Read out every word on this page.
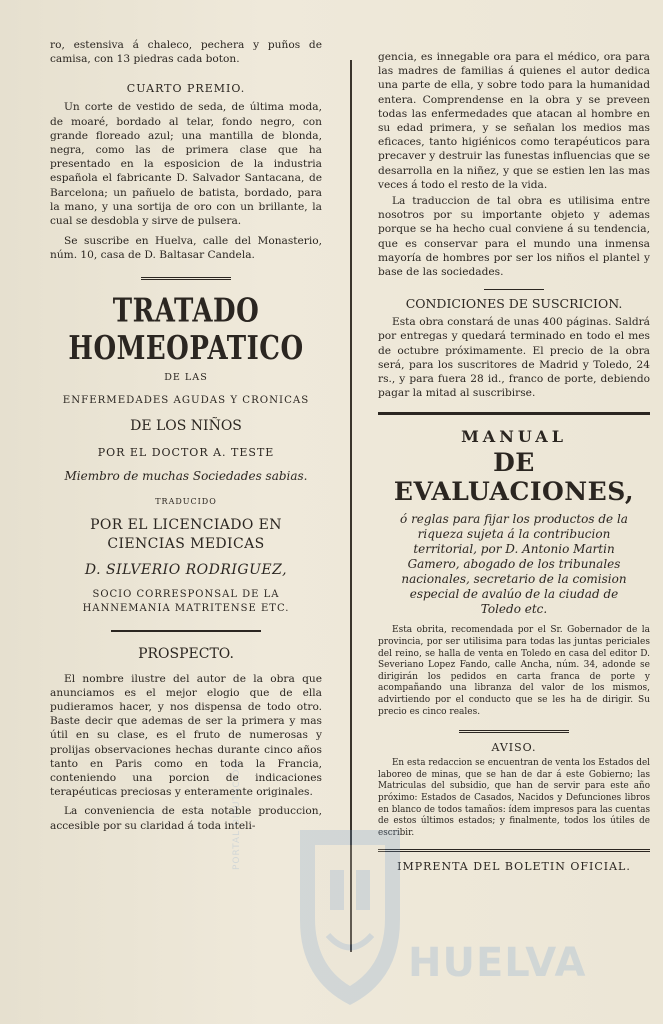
ro, estensiva á chaleco, pechera y puños de camisa, con 13 piedras cada boton.

CUARTO PREMIO.

Un corte de vestido de seda, de última moda, de moaré, bordado al telar, fondo negro, con grande floreado azul; una mantilla de blonda, negra, como las de primera clase que ha presentado en la esposicion de la industria española el fabricante D. Salvador Santacana, de Barcelona; un pañuelo de batista, bordado, para la mano, y una sortija de oro con un brillante, la cual se desdobla y sirve de pulsera.

Se suscribe en Huelva, calle del Monasterio, núm. 10, casa de D. Baltasar Candela.

TRATADO HOMEOPATICO
DE LAS
ENFERMEDADES AGUDAS Y CRONICAS
DE LOS NIÑOS
POR EL DOCTOR A. TESTE
Miembro de muchas Sociedades sabias.
TRADUCIDO
POR EL LICENCIADO EN CIENCIAS MEDICAS
D. SILVERIO RODRIGUEZ,
SOCIO CORRESPONSAL DE LA HANNEMANIA MATRITENSE ETC.
PROSPECTO.

El nombre ilustre del autor de la obra que anunciamos es el mejor elogio que de ella pudieramos hacer, y nos dispensa de todo otro. Baste decir que ademas de ser la primera y mas útil en su clase, es el fruto de numerosas y prolijas observaciones hechas durante cinco años tanto en Paris como en toda la Francia, conteniendo una porcion de indicaciones terapéuticas preciosas y enteramente originales.

La conveniencia de esta notable produccion, accesible por su claridad á toda inteli-

gencia, es innegable ora para el médico, ora para las madres de familias á quienes el autor dedica una parte de ella, y sobre todo para la humanidad entera. Comprendense en la obra y se preveen todas las enfermedades que atacan al hombre en su edad primera, y se señalan los medios mas eficaces, tanto higiénicos como terapéuticos para precaver y destruir las funestas influencias que se desarrolla en la niñez, y que se estien len las mas veces á todo el resto de la vida.

La traduccion de tal obra es utilisima entre nosotros por su importante objeto y ademas porque se ha hecho cual conviene á su tendencia, que es conservar para el mundo una inmensa mayoría de hombres por ser los niños el plantel y base de las sociedades.

CONDICIONES DE SUSCRICION.

Esta obra constará de unas 400 páginas. Saldrá por entregas y quedará terminado en todo el mes de octubre próximamente. El precio de la obra será, para los suscritores de Madrid y Toledo, 24 rs., y para fuera 28 id., franco de porte, debiendo pagar la mitad al suscribirse.

MANUAL
DE EVALUACIONES,
ó reglas para fijar los productos de la riqueza sujeta á la contribucion territorial, por D. Antonio Martin Gamero, abogado de los tribunales nacionales, secretario de la comision especial de avalúo de la ciudad de Toledo etc.

Esta obrita, recomendada por el Sr. Gobernador de la provincia, por ser utilisima para todas las juntas periciales del reino, se halla de venta en Toledo en casa del editor D. Severiano Lopez Fando, calle Ancha, núm. 34, adonde se dirigirán los pedidos en carta franca de porte y acompañando una libranza del valor de los mismos, advirtiendo por el conducto que se les ha de dirigir. Su precio es cinco reales.

AVISO.

En esta redaccion se encuentran de venta los Estados del laboreo de minas, que se han de dar á este Gobierno; las Matriculas del subsidio, que han de servir para este año próximo: Estados de Casados, Nacidos y Defunciones libros en blanco de todos tamaños: ídem impresos para las cuentas de estos últimos estados; y finalmente, todos los útiles de escribir.

IMPRENTA DEL BOLETIN OFICIAL.
HUELVA
PORTAL DIPUTACIÓN
